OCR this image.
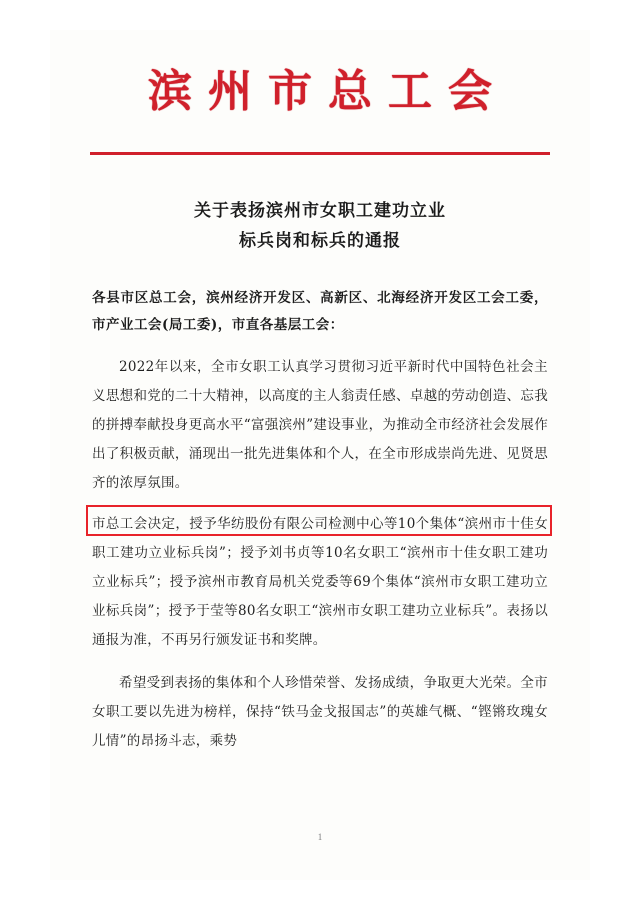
滨州市总工会
关于表扬滨州市女职工建功立业
标兵岗和标兵的通报
各县市区总工会，滨州经济开发区、高新区、北海经济开发区工会工委，市产业工会(局工委)，市直各基层工会：

2022年以来，全市女职工认真学习贯彻习近平新时代中国特色社会主义思想和党的二十大精神，以高度的主人翁责任感、卓越的劳动创造、忘我的拼搏奉献投身更高水平“富强滨州”建设事业，为推动全市经济社会发展作出了积极贡献，涌现出一批先进集体和个人，在全市形成崇尚先进、见贤思齐的浓厚氛围。

市总工会决定，授予华纺股份有限公司检测中心等10个集体“滨州市十佳女职工建功立业标兵岗”；授予刘书贞等10名女职工“滨州市十佳女职工建功立业标兵”；授予滨州市教育局机关党委等69个集体“滨州市女职工建功立业标兵岗”；授予于莹等80名女职工“滨州市女职工建功立业标兵”。表扬以通报为准，不再另行颁发证书和奖牌。

希望受到表扬的集体和个人珍惜荣誉、发扬成绩，争取更大光荣。全市女职工要以先进为榜样，保持“铁马金戈报国志”的英雄气概、“铿锵玫瑰女儿情”的昂扬斗志，乘势

1
